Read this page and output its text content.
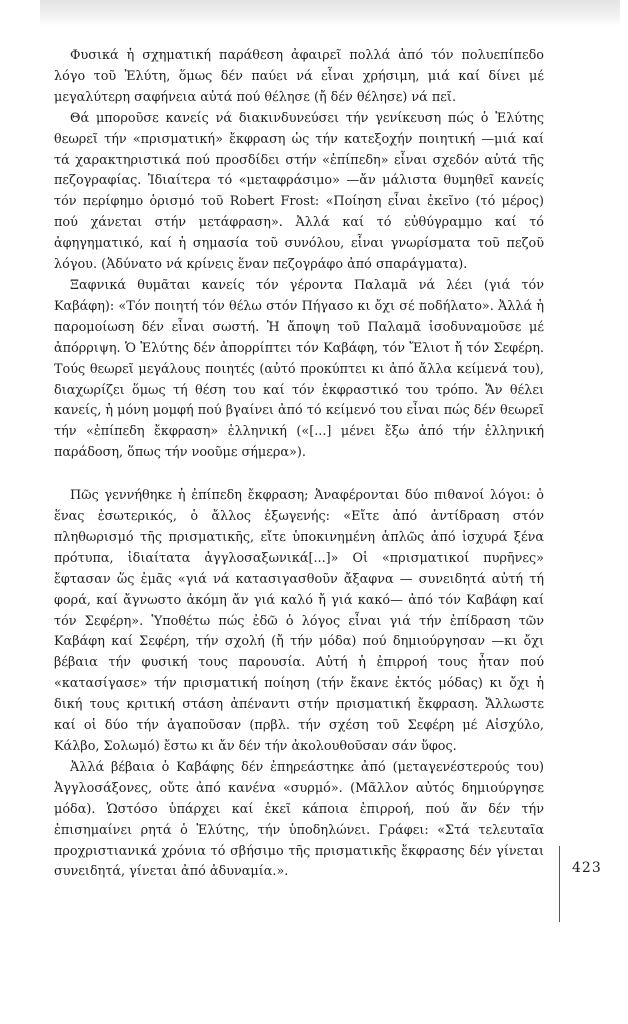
Φυσικά ἡ σχηματική παράθεση ἀφαιρεῖ πολλά ἀπό τόν πολυεπίπεδο λόγο τοῦ Ἐλύτη, ὅμως δέν παύει νά εἶναι χρήσιμη, μιά καί δίνει μέ μεγαλύτερη σαφήνεια αὐτά πού θέλησε (ἤ δέν θέλησε) νά πεῖ.

Θά μποροῦσε κανείς νά διακινδυνεύσει τήν γενίκευση πώς ὁ Ἐλύτης θεωρεῖ τήν «πρισματική» ἔκφραση ὡς τήν κατεξοχήν ποιητική —μιά καί τά χαρακτηριστικά πού προσδίδει στήν «ἐπίπεδη» εἶναι σχεδόν αὐτά τῆς πεζογραφίας. Ἰδιαίτερα τό «μεταφράσιμο» —ἄν μάλιστα θυμηθεῖ κανείς τόν περίφημο ὁρισμό τοῦ Robert Frost: «Ποίηση εἶναι ἐκεῖνο (τό μέρος) πού χάνεται στήν μετάφραση». Ἀλλά καί τό εὐθύγραμμο καί τό ἀφηγηματικό, καί ἡ σημασία τοῦ συνόλου, εἶναι γνωρίσματα τοῦ πεζοῦ λόγου. (Ἀδύνατο νά κρίνεις ἕναν πεζογράφο ἀπό σπαράγματα).

Ξαφνικά θυμᾶται κανείς τόν γέροντα Παλαμᾶ νά λέει (γιά τόν Καβάφη): «Τόν ποιητή τόν θέλω στόν Πήγασο κι ὄχι σέ ποδήλατο». Ἀλλά ἡ παρομοίωση δέν εἶναι σωστή. Ἡ ἄποψη τοῦ Παλαμᾶ ἰσοδυναμοῦσε μέ ἀπόρριψη. Ὁ Ἐλύτης δέν ἀπορρίπτει τόν Καβάφη, τόν Ἔλιοτ ἤ τόν Σεφέρη. Τούς θεωρεῖ μεγάλους ποιητές (αὐτό προκύπτει κι ἀπό ἄλλα κείμενά του), διαχωρίζει ὅμως τή θέση του καί τόν ἐκφραστικό του τρόπο. Ἄν θέλει κανείς, ἡ μόνη μομφή πού βγαίνει ἀπό τό κείμενό του εἶναι πώς δέν θεωρεῖ τήν «ἐπίπεδη ἔκφραση» ἑλληνική («[...] μένει ἔξω ἀπό τήν ἑλληνική παράδοση, ὅπως τήν νοοῦμε σήμερα»).

Πῶς γεννήθηκε ἡ ἐπίπεδη ἔκφραση; Ἀναφέρονται δύο πιθανοί λόγοι: ὁ ἕνας ἐσωτερικός, ὁ ἄλλος ἐξωγενής: «Εἴτε ἀπό ἀντίδραση στόν πληθωρισμό τῆς πρισματικῆς, εἴτε ὑποκινημένη ἁπλῶς ἀπό ἰσχυρά ξένα πρότυπα, ἰδιαίτατα ἀγγλοσαξωνικά[...]» Οἱ «πρισματικοί πυρῆνες» ἔφτασαν ὥς ἐμᾶς «γιά νά κατασιγασθοῦν ἄξαφνα — συνειδητά αὐτή τή φορά, καί ἄγνωστο ἀκόμη ἄν γιά καλό ἤ γιά κακό— ἀπό τόν Καβάφη καί τόν Σεφέρη». Ὑποθέτω πώς ἐδῶ ὁ λόγος εἶναι γιά τήν ἐπίδραση τῶν Καβάφη καί Σεφέρη, τήν σχολή (ἤ τήν μόδα) πού δημιούργησαν —κι ὄχι βέβαια τήν φυσική τους παρουσία. Αὐτή ἡ ἐπιρροή τους ἦταν πού «κατασίγασε» τήν πρισματική ποίηση (τήν ἔκανε ἐκτός μόδας) κι ὄχι ἡ δική τους κριτική στάση ἀπέναντι στήν πρισματική ἔκφραση. Ἄλλωστε καί οἱ δύο τήν ἀγαποῦσαν (πρβλ. τήν σχέση τοῦ Σεφέρη μέ Αἰσχύλο, Κάλβο, Σολωμό) ἔστω κι ἄν δέν τήν ἀκολουθοῦσαν σάν ὕφος.

Ἀλλά βέβαια ὁ Καβάφης δέν ἐπηρεάστηκε ἀπό (μεταγενέστερούς του) Ἀγγλοσάξονες, οὔτε ἀπό κανένα «συρμό». (Μᾶλλον αὐτός δημιούργησε μόδα). Ὡστόσο ὑπάρχει καί ἐκεῖ κάποια ἐπιρροή, πού ἄν δέν τήν ἐπισημαίνει ρητά ὁ Ἐλύτης, τήν ὑποδηλώνει. Γράφει: «Στά τελευταῖα προχριστιανικά χρόνια τό σβήσιμο τῆς πρισματικῆς ἔκφρασης δέν γίνεται συνειδητά, γίνεται ἀπό ἀδυναμία.».	423
